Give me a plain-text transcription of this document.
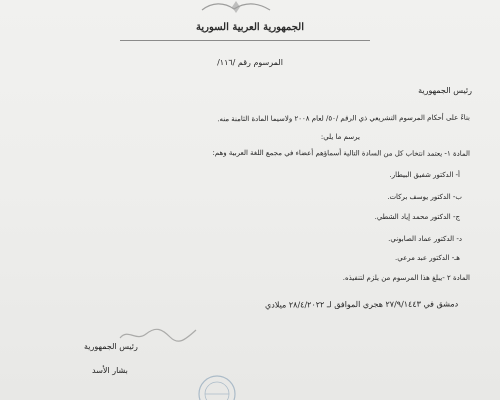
الجمهورية العربية السورية
المرسوم رقم /١١٦/
رئيس الجمهورية
بناءً على أحكام المرسوم التشريعي ذي الرقم /٥٠/ لعام ٢٠٠٨ ولاسيما المادة الثامنة منه.
يرسم ما يلي:
المادة ١- يعتمد انتخاب كل من السادة التالية أسماؤهم أعضاء في مجمع اللغة العربية وهم:
أ- الدكتور شفيق البيطار.
ب- الدكتور يوسف بركات.
ج- الدكتور محمد إياد الشطي.
د- الدكتور عماد الصابوني.
هـ- الدكتور عبد مرعي.
المادة ٢ -يبلغ هذا المرسوم من يلزم لتنفيذه.
دمشق في ٢٧/٩/١٤٤٣ هجري الموافق لـ ٢٨/٤/٢٠٢٢ ميلادي
رئيس الجمهورية
بشار الأسد
